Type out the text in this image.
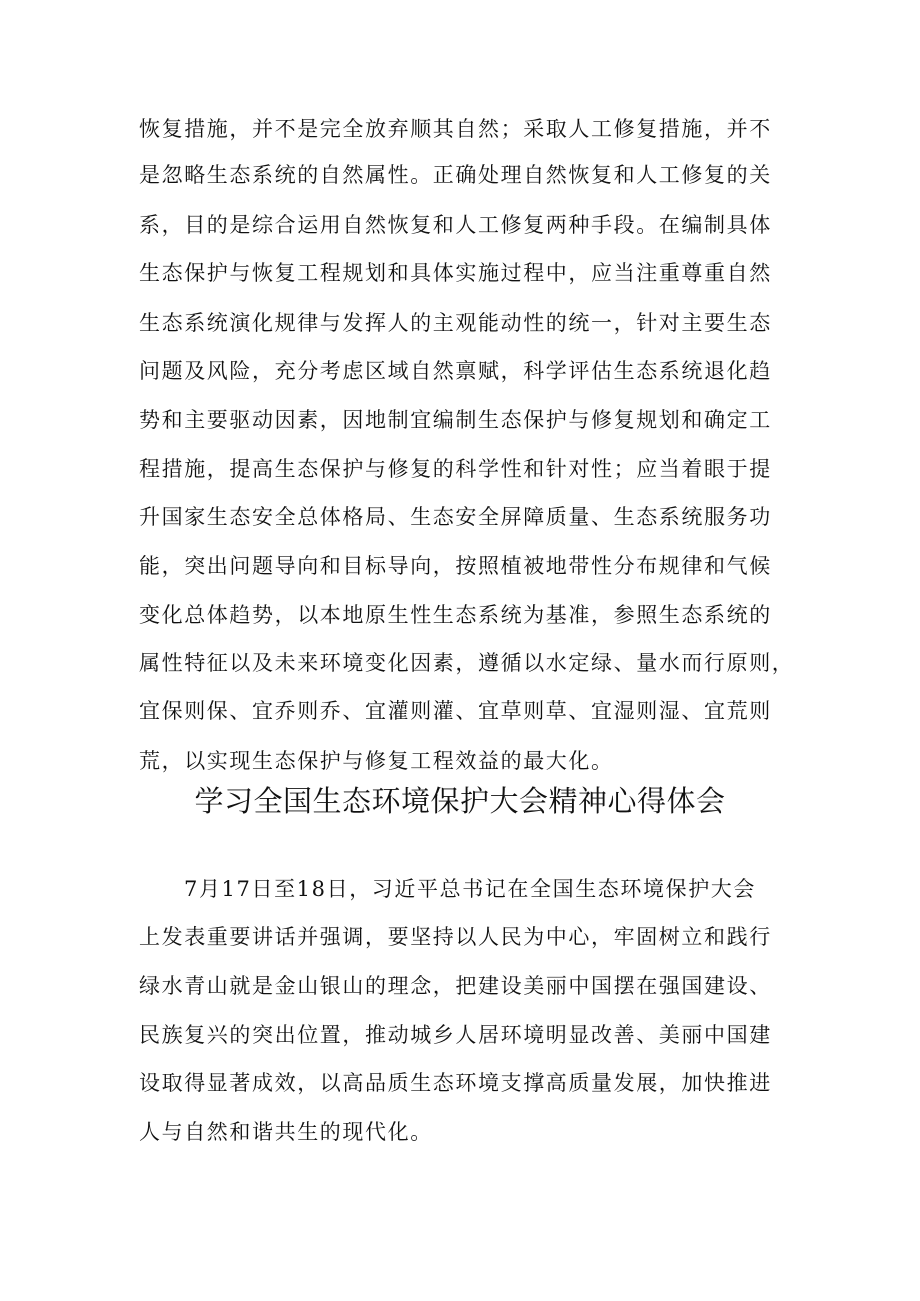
恢复措施，并不是完全放弃顺其自然；采取人工修复措施，并不
是忽略生态系统的自然属性。正确处理自然恢复和人工修复的关
系，目的是综合运用自然恢复和人工修复两种手段。在编制具体
生态保护与恢复工程规划和具体实施过程中，应当注重尊重自然
生态系统演化规律与发挥人的主观能动性的统一，针对主要生态
问题及风险，充分考虑区域自然禀赋，科学评估生态系统退化趋
势和主要驱动因素，因地制宜编制生态保护与修复规划和确定工
程措施，提高生态保护与修复的科学性和针对性；应当着眼于提
升国家生态安全总体格局、生态安全屏障质量、生态系统服务功
能，突出问题导向和目标导向，按照植被地带性分布规律和气候
变化总体趋势，以本地原生性生态系统为基准，参照生态系统的
属性特征以及未来环境变化因素，遵循以水定绿、量水而行原则，
宜保则保、宜乔则乔、宜灌则灌、宜草则草、宜湿则湿、宜荒则
荒，以实现生态保护与修复工程效益的最大化。
学习全国生态环境保护大会精神心得体会
7月17日至18日，习近平总书记在全国生态环境保护大会
上发表重要讲话并强调，要坚持以人民为中心，牢固树立和践行
绿水青山就是金山银山的理念，把建设美丽中国摆在强国建设、
民族复兴的突出位置，推动城乡人居环境明显改善、美丽中国建
设取得显著成效，以高品质生态环境支撑高质量发展，加快推进
人与自然和谐共生的现代化。
